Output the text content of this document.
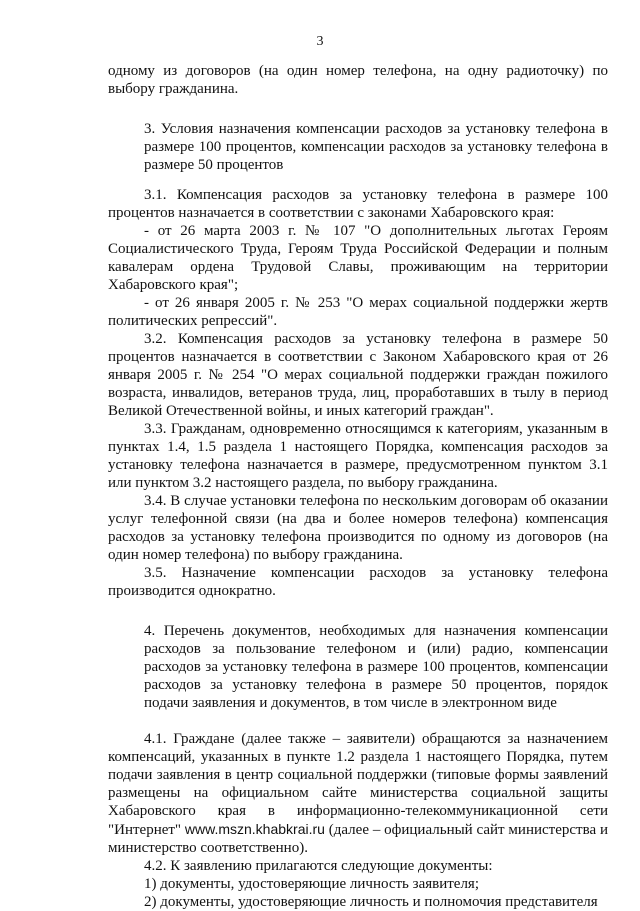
3

одному из договоров (на один номер телефона, на одну радиоточку) по выбору гражданина.

3. Условия назначения компенсации расходов за установку телефона в размере 100 процентов, компенсации расходов за установку телефона в размере 50 процентов

3.1. Компенсация расходов за установку телефона в размере 100 процентов назначается в соответствии с законами Хабаровского края:

- от 26 марта 2003 г. № 107 "О дополнительных льготах Героям Социалистического Труда, Героям Труда Российской Федерации и полным кавалерам ордена Трудовой Славы, проживающим на территории Хабаровского края";

- от 26 января 2005 г. № 253 "О мерах социальной поддержки жертв политических репрессий".

3.2. Компенсация расходов за установку телефона в размере 50 процентов назначается в соответствии с Законом Хабаровского края от 26 января 2005 г. № 254 "О мерах социальной поддержки граждан пожилого возраста, инвалидов, ветеранов труда, лиц, проработавших в тылу в период Великой Отечественной войны, и иных категорий граждан".

3.3. Гражданам, одновременно относящимся к категориям, указанным в пунктах 1.4, 1.5 раздела 1 настоящего Порядка, компенсация расходов за установку телефона назначается в размере, предусмотренном пунктом 3.1 или пунктом 3.2 настоящего раздела, по выбору гражданина.

3.4. В случае установки телефона по нескольким договорам об оказании услуг телефонной связи (на два и более номеров телефона) компенсация расходов за установку телефона производится по одному из договоров (на один номер телефона) по выбору гражданина.

3.5. Назначение компенсации расходов за установку телефона производится однократно.

4. Перечень документов, необходимых для назначения компенсации расходов за пользование телефоном и (или) радио, компенсации расходов за установку телефона в размере 100 процентов, компенсации расходов за установку телефона в размере 50 процентов, порядок подачи заявления и документов, в том числе в электронном виде

4.1. Граждане (далее также – заявители) обращаются за назначением компенсаций, указанных в пункте 1.2 раздела 1 настоящего Порядка, путем подачи заявления в центр социальной поддержки (типовые формы заявлений размещены на официальном сайте министерства социальной защиты Хабаровского края в информационно-телекоммуникационной сети "Интернет" www.mszn.khabkrai.ru (далее – официальный сайт министерства и министерство соответственно).

4.2. К заявлению прилагаются следующие документы:

1) документы, удостоверяющие личность заявителя;

2) документы, удостоверяющие личность и полномочия представителя
